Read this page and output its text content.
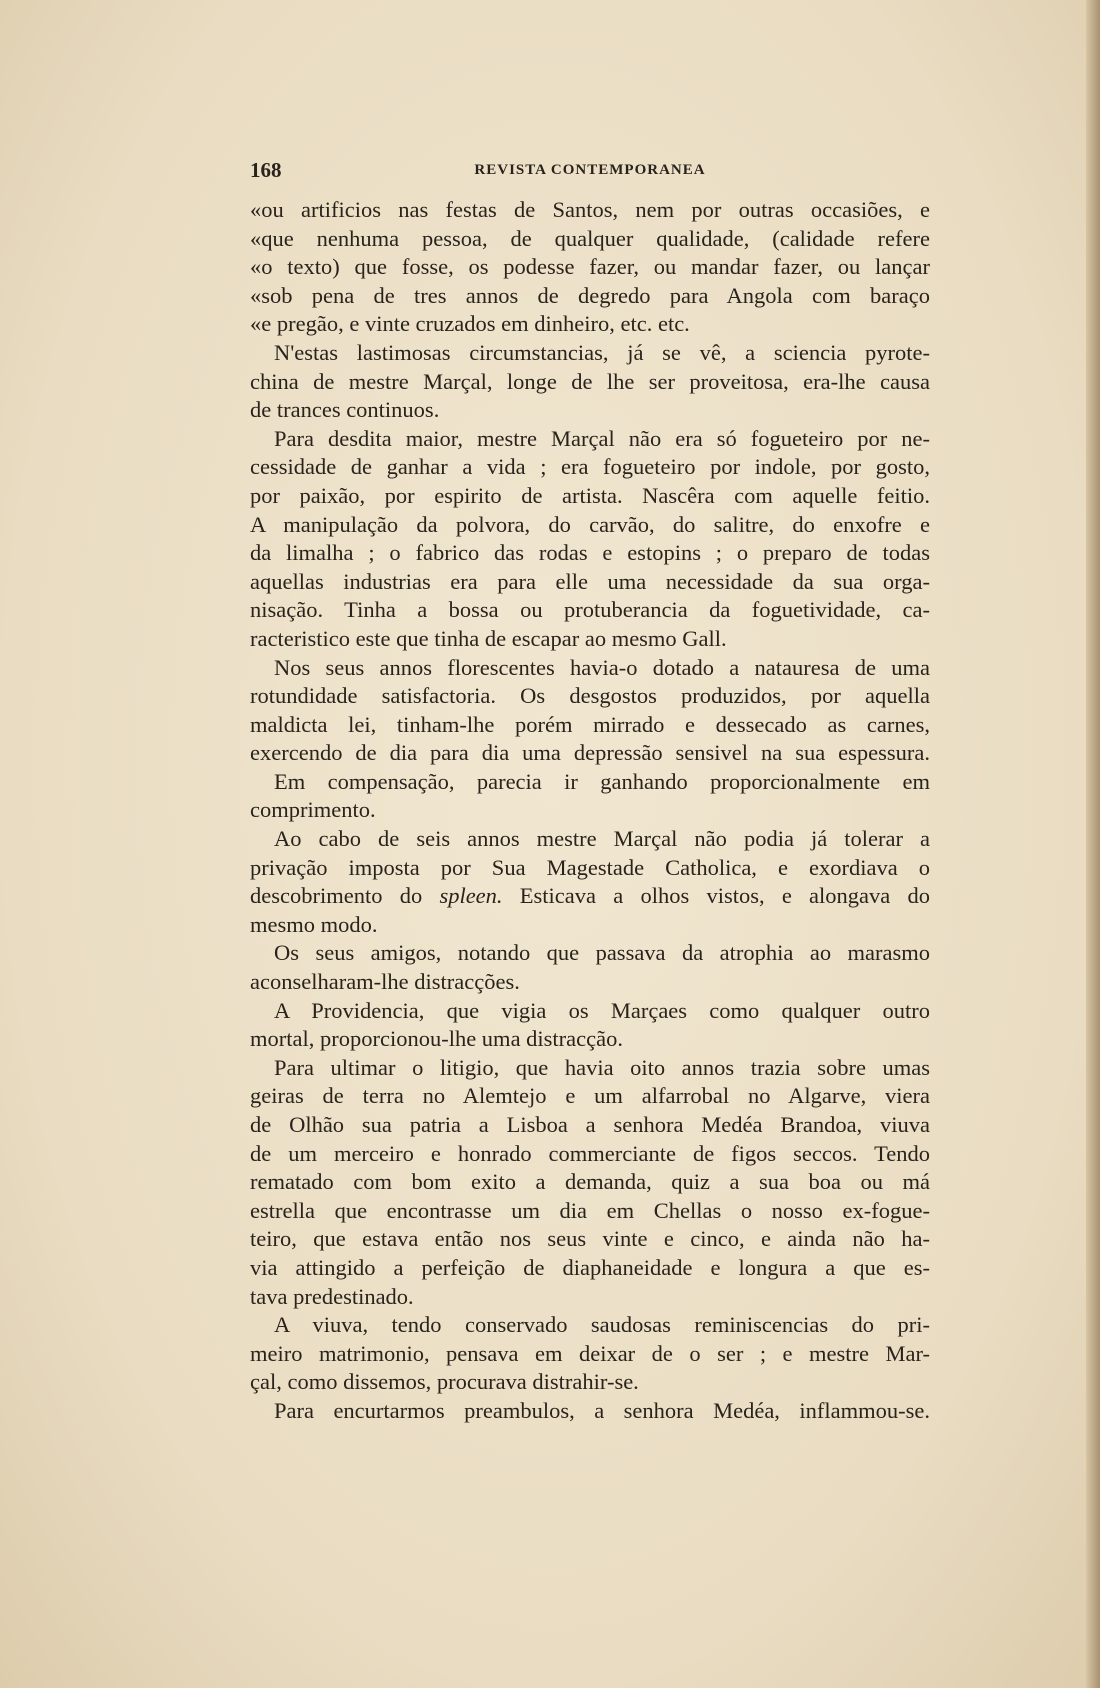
168	REVISTA CONTEMPORANEA
«ou artificios nas festas de Santos, nem por outras occasiões, e
«que nenhuma pessoa, de qualquer qualidade, (calidade refere
«o texto) que fosse, os podesse fazer, ou mandar fazer, ou lançar
«sob pena de tres annos de degredo para Angola com baraço
«e pregão, e vinte cruzados em dinheiro, etc. etc.
N'estas lastimosas circumstancias, já se vê, a sciencia pyrote-
china de mestre Marçal, longe de lhe ser proveitosa, era-lhe causa
de trances continuos.
Para desdita maior, mestre Marçal não era só fogueteiro por ne-
cessidade de ganhar a vida ; era fogueteiro por indole, por gosto,
por paixão, por espirito de artista. Nascêra com aquelle feitio.
A manipulação da polvora, do carvão, do salitre, do enxofre e
da limalha ; o fabrico das rodas e estopins ; o preparo de todas
aquellas industrias era para elle uma necessidade da sua orga-
nisação. Tinha a bossa ou protuberancia da foguetividade, ca-
racteristico este que tinha de escapar ao mesmo Gall.
Nos seus annos florescentes havia-o dotado a natauresa de uma
rotundidade satisfactoria. Os desgostos produzidos, por aquella
maldicta lei, tinham-lhe porém mirrado e dessecado as carnes,
exercendo de dia para dia uma depressão sensivel na sua espessura.
Em compensação, parecia ir ganhando proporcionalmente em
comprimento.
Ao cabo de seis annos mestre Marçal não podia já tolerar a
privação imposta por Sua Magestade Catholica, e exordiava o
descobrimento do spleen. Esticava a olhos vistos, e alongava do
mesmo modo.
Os seus amigos, notando que passava da atrophia ao marasmo
aconselharam-lhe distracções.
A Providencia, que vigia os Marçaes como qualquer outro
mortal, proporcionou-lhe uma distracção.
Para ultimar o litigio, que havia oito annos trazia sobre umas
geiras de terra no Alemtejo e um alfarrobal no Algarve, viera
de Olhão sua patria a Lisboa a senhora Medéa Brandoa, viuva
de um merceiro e honrado commerciante de figos seccos. Tendo
rematado com bom exito a demanda, quiz a sua boa ou má
estrella que encontrasse um dia em Chellas o nosso ex-fogue-
teiro, que estava então nos seus vinte e cinco, e ainda não ha-
via attingido a perfeição de diaphaneidade e longura a que es-
tava predestinado.
A viuva, tendo conservado saudosas reminiscencias do pri-
meiro matrimonio, pensava em deixar de o ser ; e mestre Mar-
çal, como dissemos, procurava distrahir-se.
Para encurtarmos preambulos, a senhora Medéa, inflammou-se.
